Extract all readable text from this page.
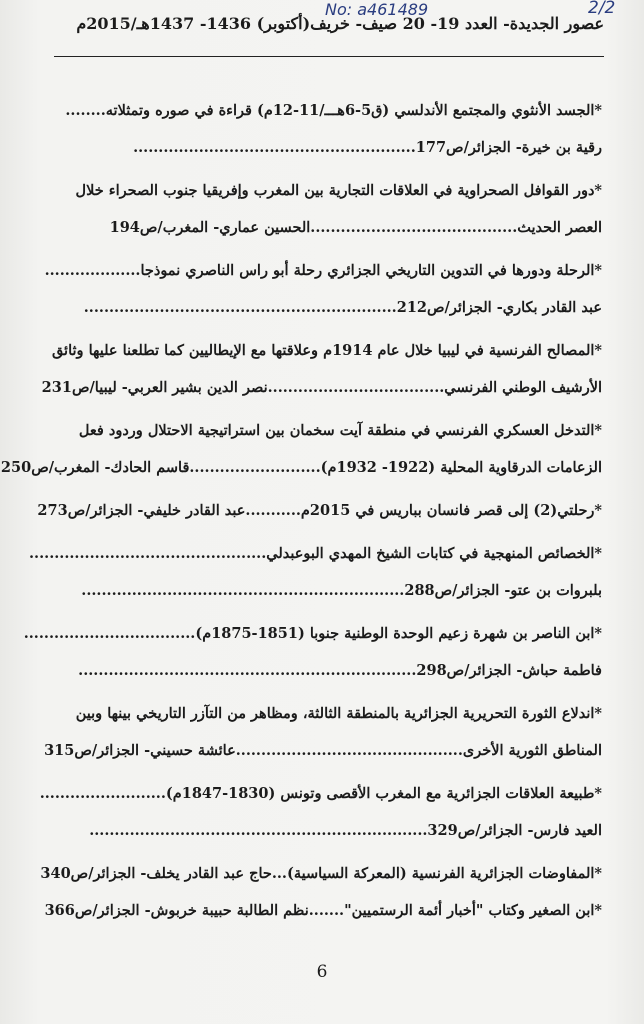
No: a461489	2/2
عصور الجديدة- العدد 19- 20 صيف- خريف(أكتوبر) 1436- 1437هـ/2015م
*الجسد الأنثوي والمجتمع الأندلسي (ق5-6هـــ/11-12م) قراءة في صوره وتمثلاته........
رقية بن خيرة- الجزائر/ص177........................................................
*دور القوافل الصحراوية في العلاقات التجارية بين المغرب وإفريقيا جنوب الصحراء خلال
العصر الحديث.........................................الحسين عماري- المغرب/ص194
*الرحلة ودورها في التدوين التاريخي الجزائري رحلة أبو راس الناصري نموذجا...................
عبد القادر بكاري- الجزائر/ص212..............................................................
*المصالح الفرنسية في ليبيا خلال عام 1914م وعلاقتها مع الإيطاليين كما تطلعنا عليها وثائق
الأرشيف الوطني الفرنسي...................................نصر الدين بشير العربي- ليبيا/ص231
*التدخل العسكري الفرنسي في منطقة آيت سخمان بين استراتيجية الاحتلال وردود فعل
الزعامات الدرقاوية المحلية (1922- 1932م)..........................قاسم الحادك- المغرب/ص250
*رحلتي(2) إلى قصر فانسان بباريس في 2015م...........عبد القادر خليفي- الجزائر/ص273
*الخصائص المنهجية في كتابات الشيخ المهدي البوعبدلي...............................................
بلبروات بن عتو- الجزائر/ص288................................................................
*ابن الناصر بن شهرة زعيم الوحدة الوطنية جنوبا (1851-1875م)..................................
فاطمة حباش- الجزائر/ص298...................................................................
*اندلاع الثورة التحريرية الجزائرية بالمنطقة الثالثة، ومظاهر من التآزر التاريخي بينها وبين
المناطق الثورية الأخرى.............................................عائشة حسيني- الجزائر/ص315
*طبيعة العلاقات الجزائرية مع المغرب الأقصى وتونس (1830-1847م).........................
العيد فارس- الجزائر/ص329...................................................................
*المفاوضات الجزائرية الفرنسية (المعركة السياسية)...حاج عبد القادر يخلف- الجزائر/ص340
*ابن الصغير وكتاب "أخبار أئمة الرستميين".......نظم الطالبة حبيبة خربوش- الجزائر/ص366
6
